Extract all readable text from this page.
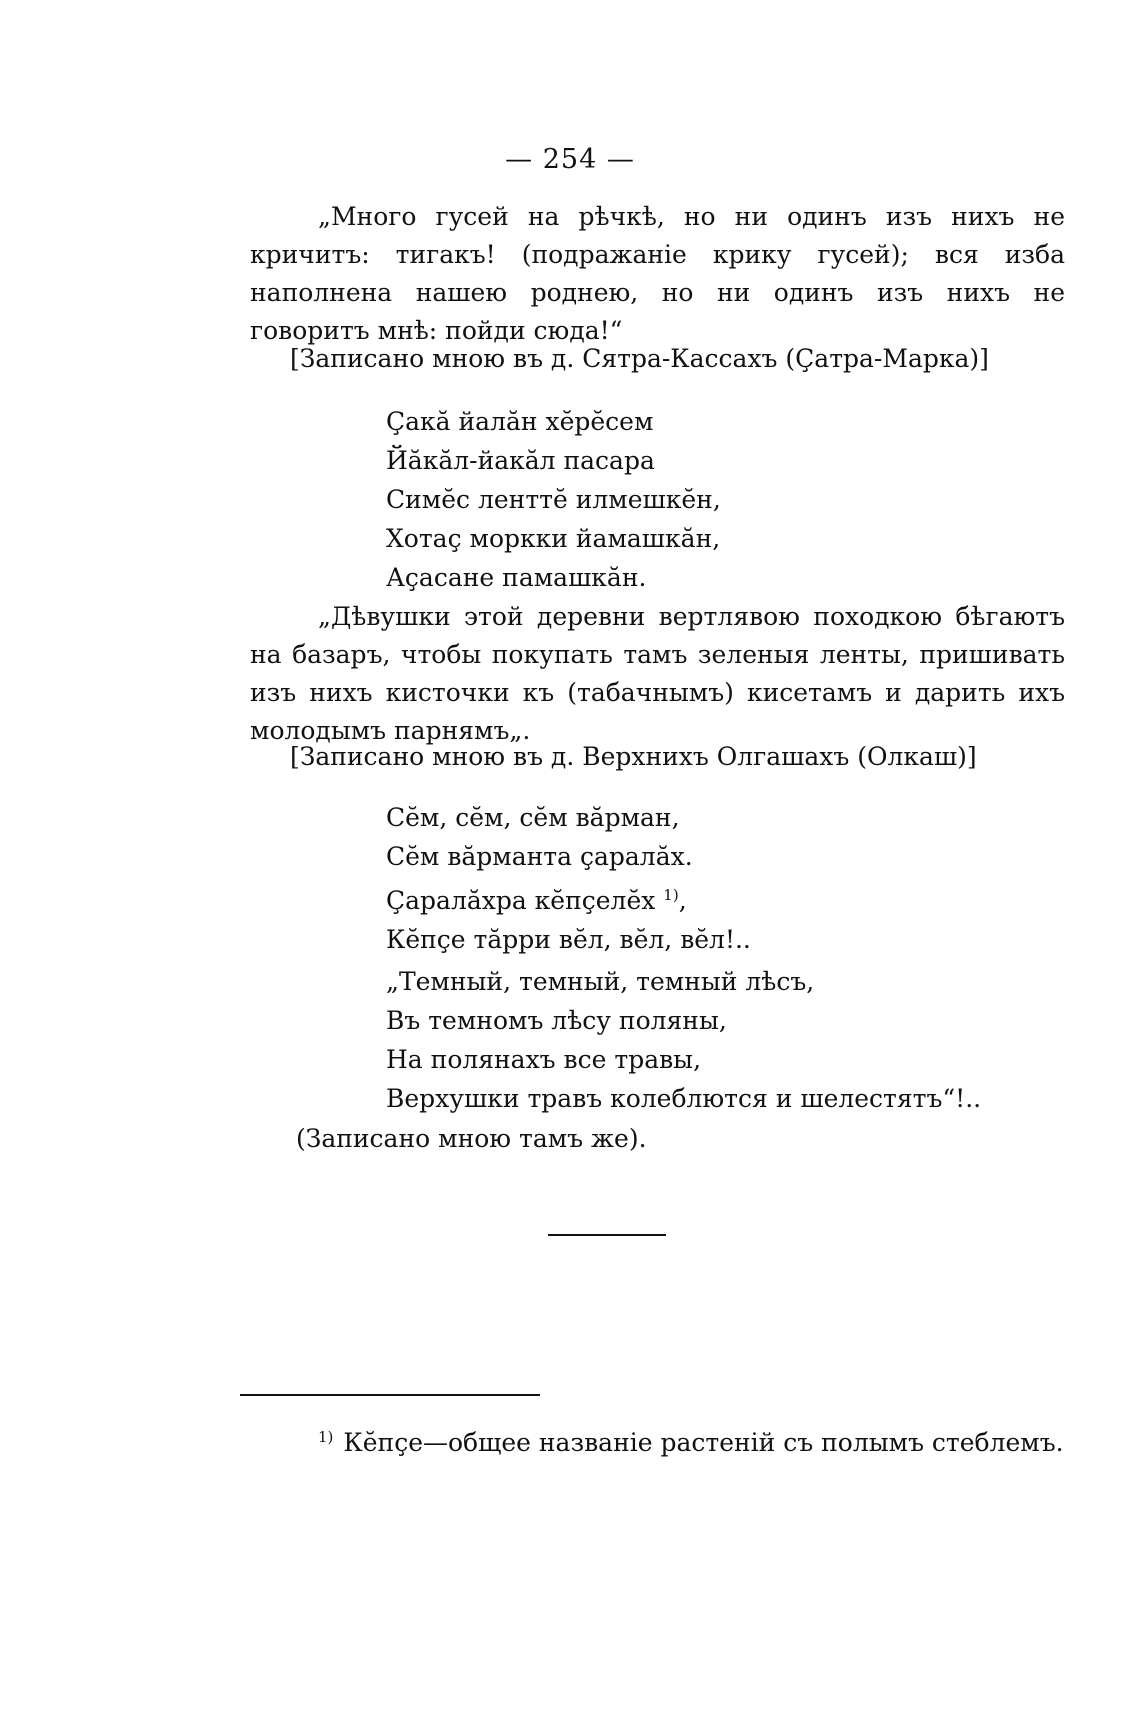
— 254 —

„Много гусей на рѣчкѣ, но ни одинъ изъ нихъ не кричитъ: тигакъ! (подражаніе крику гусей); вся изба наполнена нашею роднею, но ни одинъ изъ нихъ не говоритъ мнѣ: пойди сюда!“

[Записано мною въ д. Сятра-Кассахъ (Ҫатра-Марка)]

Ҫакă йалăн хĕрĕсем
Йăкăл-йакăл пасара
Симĕс ленттĕ илмешкĕн,
Хотаҫ моркки йамашкăн,
Аҫасане памашкăн.

„Дѣвушки этой деревни вертлявою походкою бѣгаютъ на базаръ, чтобы покупать тамъ зеленыя ленты, пришивать изъ нихъ кисточки къ (табачнымъ) кисетамъ и дарить ихъ молодымъ парнямъ„.

[Записано мною въ д. Верхнихъ Олгашахъ (Олкаш)]

Сĕм, сĕм, сĕм вăрман,
Сĕм вăрманта ҫаралăх.
Ҫаралăхра кĕпҫелĕх $^{1)}$,
Кĕпҫе тăрри вĕл, вĕл, вĕл!..
„Темный, темный, темный лѣсъ,
Въ темномъ лѣсу поляны,
На полянахъ все травы,
Верхушки травъ колеблются и шелестятъ“!..

(Записано мною тамъ же).

$^{1)}$ Кĕпҫе—общее названіе растеній съ полымъ стеблемъ.
